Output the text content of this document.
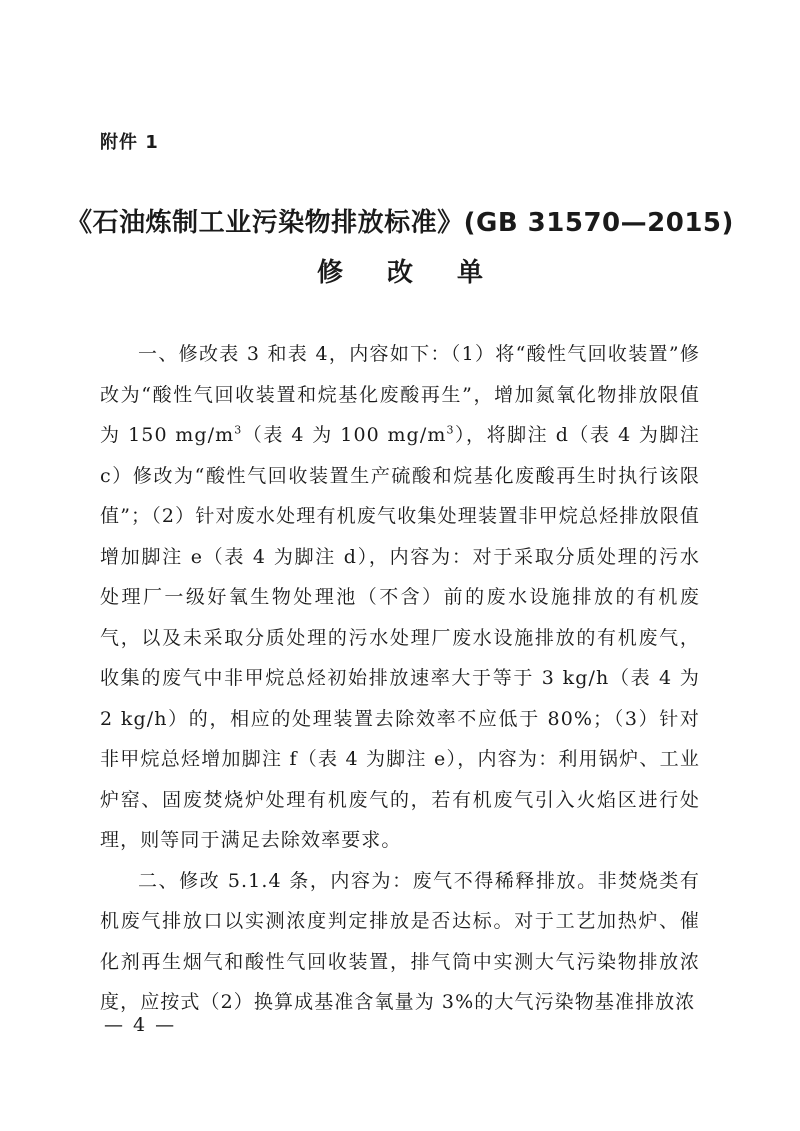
附件 1
《石油炼制工业污染物排放标准》(GB 31570—2015)
修改单

一、修改表 3 和表 4，内容如下：（1）将“酸性气回收装置”修改为“酸性气回收装置和烷基化废酸再生”，增加氮氧化物排放限值为 150 $mg/m^3$（表 4 为 100 $mg/m^3$），将脚注 d（表 4 为脚注 c）修改为“酸性气回收装置生产硫酸和烷基化废酸再生时执行该限值”；（2）针对废水处理有机废气收集处理装置非甲烷总烃排放限值增加脚注 e（表 4 为脚注 d），内容为：对于采取分质处理的污水处理厂一级好氧生物处理池（不含）前的废水设施排放的有机废气，以及未采取分质处理的污水处理厂废水设施排放的有机废气，收集的废气中非甲烷总烃初始排放速率大于等于 3 kg/h（表 4 为 2 kg/h）的，相应的处理装置去除效率不应低于 80%；（3）针对非甲烷总烃增加脚注 f（表 4 为脚注 e），内容为：利用锅炉、工业炉窑、固废焚烧炉处理有机废气的，若有机废气引入火焰区进行处理，则等同于满足去除效率要求。

二、修改 5.1.4 条，内容为：废气不得稀释排放。非焚烧类有机废气排放口以实测浓度判定排放是否达标。对于工艺加热炉、催化剂再生烟气和酸性气回收装置，排气筒中实测大气污染物排放浓度，应按式（2）换算成基准含氧量为 3%的大气污染物基准排放浓

— 4 —
